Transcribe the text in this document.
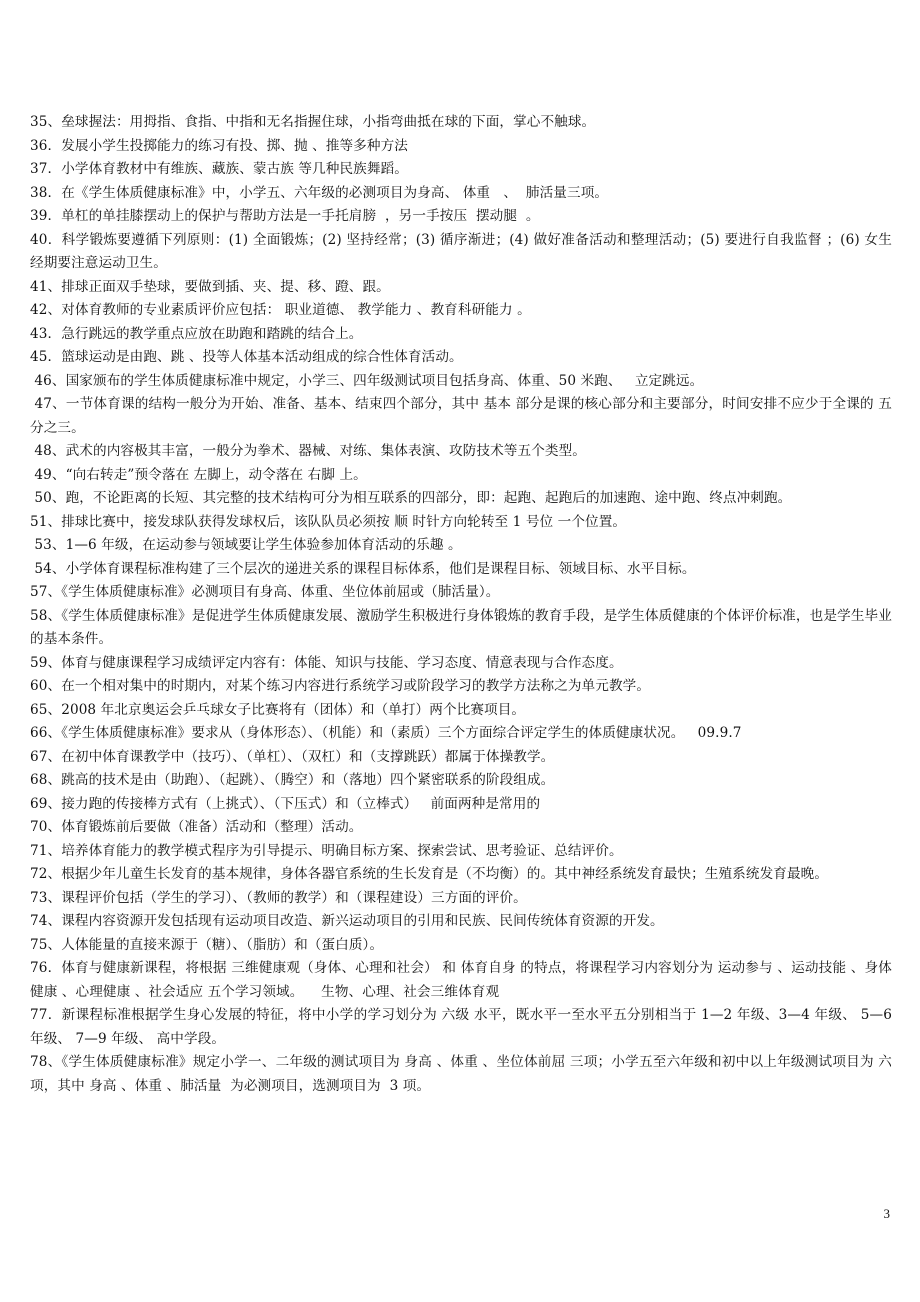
35、垒球握法：用拇指、食指、中指和无名指握住球，小指弯曲抵在球的下面，掌心不触球。

36．发展小学生投掷能力的练习有投、掷、抛 、推等多种方法

37．小学体育教材中有维族、藏族、蒙古族 等几种民族舞蹈。

38．在《学生体质健康标准》中，小学五、六年级的必测项目为身高、 体重   、  肺活量三项。

39．单杠的单挂膝摆动上的保护与帮助方法是一手托肩膀  ，另一手按压  摆动腿  。

40．科学锻炼要遵循下列原则：(1) 全面锻炼；(2) 坚持经常；(3) 循序渐进；(4) 做好准备活动和整理活动；(5) 要进行自我监督 ；(6) 女生经期要注意运动卫生。

41、排球正面双手垫球，要做到插、夹、提、移、蹬、跟。

42、对体育教师的专业素质评价应包括： 职业道德、 教学能力 、教育科研能力 。

43．急行跳远的教学重点应放在助跑和踏跳的结合上。

45．篮球运动是由跑、跳 、投等人体基本活动组成的综合性体育活动。

46、国家颁布的学生体质健康标准中规定，小学三、四年级测试项目包括身高、体重、50 米跑、   立定跳远。

47、一节体育课的结构一般分为开始、准备、基本、结束四个部分，其中 基本 部分是课的核心部分和主要部分，时间安排不应少于全课的 五分之三。

48、武术的内容极其丰富，一般分为拳术、器械、对练、集体表演、攻防技术等五个类型。

49、“向右转走”预令落在 左脚上，动令落在 右脚 上。

50、跑，不论距离的长短、其完整的技术结构可分为相互联系的四部分，即：起跑、起跑后的加速跑、途中跑、终点冲刺跑。

51、排球比赛中，接发球队获得发球权后，该队队员必须按 顺 时针方向轮转至 1 号位 一个位置。

53、1—6 年级，在运动参与领域要让学生体验参加体育活动的乐趣 。

54、小学体育课程标准构建了三个层次的递进关系的课程目标体系，他们是课程目标、领域目标、水平目标。

57、《学生体质健康标准》必测项目有身高、体重、坐位体前屈或（肺活量）。

58、《学生体质健康标准》是促进学生体质健康发展、激励学生积极进行身体锻炼的教育手段，是学生体质健康的个体评价标准，也是学生毕业的基本条件。

59、体育与健康课程学习成绩评定内容有：体能、知识与技能、学习态度、情意表现与合作态度。

60、在一个相对集中的时期内，对某个练习内容进行系统学习或阶段学习的教学方法称之为单元教学。

65、2008 年北京奥运会乒乓球女子比赛将有（团体）和（单打）两个比赛项目。

66、《学生体质健康标准》要求从（身体形态）、（机能）和（素质）三个方面综合评定学生的体质健康状况。   09.9.7

67、在初中体育课教学中（技巧）、（单杠）、（双杠）和（支撑跳跃）都属于体操教学。

68、跳高的技术是由（助跑）、（起跳）、（腾空）和（落地）四个紧密联系的阶段组成。

69、接力跑的传接棒方式有（上挑式）、（下压式）和（立棒式）   前面两种是常用的

70、体育锻炼前后要做（准备）活动和（整理）活动。

71、培养体育能力的教学模式程序为引导提示、明确目标方案、探索尝试、思考验证、总结评价。

72、根据少年儿童生长发育的基本规律，身体各器官系统的生长发育是（不均衡）的。其中神经系统发育最快；生殖系统发育最晚。

73、课程评价包括（学生的学习）、（教师的教学）和（课程建设）三方面的评价。

74、课程内容资源开发包括现有运动项目改造、新兴运动项目的引用和民族、民间传统体育资源的开发。

75、人体能量的直接来源于（糖）、（脂肪）和（蛋白质）。

76．体育与健康新课程，将根据 三维健康观（身体、心理和社会） 和 体育自身 的特点，将课程学习内容划分为 运动参与 、运动技能 、身体健康 、心理健康 、社会适应 五个学习领域。    生物、心理、社会三维体育观

77．新课程标准根据学生身心发展的特征，将中小学的学习划分为 六级 水平，既水平一至水平五分别相当于 1—2 年级、3—4 年级、 5—6 年级、 7—9 年级、 高中学段。

78、《学生体质健康标准》规定小学一、二年级的测试项目为 身高 、体重 、坐位体前屈 三项；小学五至六年级和初中以上年级测试项目为 六 项，其中 身高 、体重 、肺活量  为必测项目，选测项目为  3 项。

3
